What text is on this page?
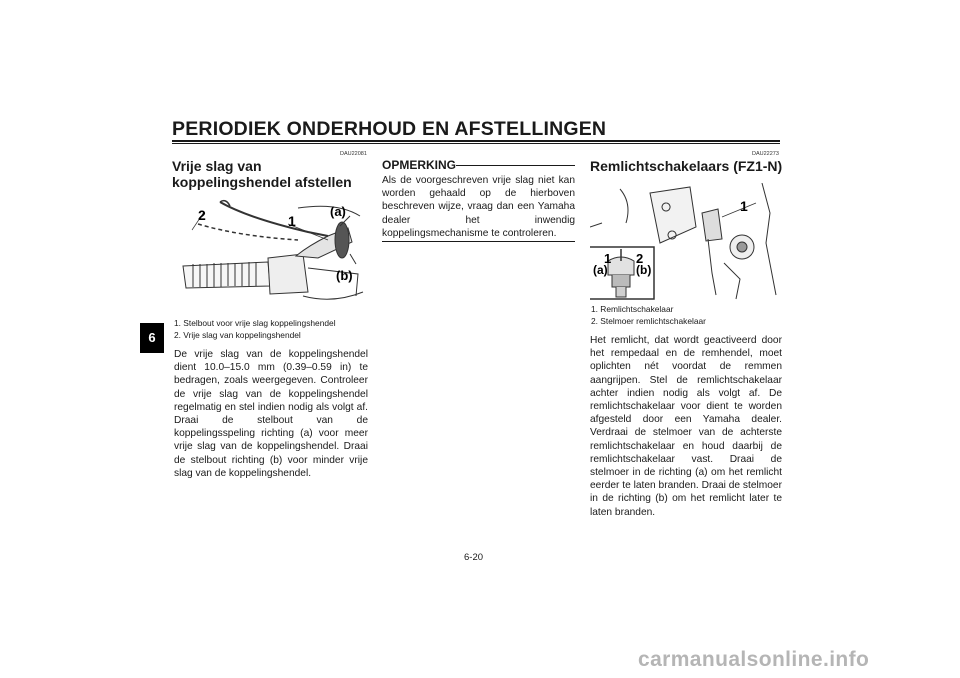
PERIODIEK ONDERHOUD EN AFSTELLINGEN
6
DAU22081
Vrije slag van koppelingshendel afstellen
2	1
(a)
(b)
1. Stelbout voor vrije slag koppelingshendel
2. Vrije slag van koppelingshendel
De vrije slag van de koppelingshendel dient 10.0–15.0 mm (0.39–0.59 in) te bedragen, zoals weergegeven. Controleer de vrije slag van de koppelingshendel regelmatig en stel indien nodig als volgt af. Draai de stelbout van de koppelingsspeling richting (a) voor meer vrije slag van de koppelingshendel. Draai de stelbout richting (b) voor minder vrije slag van de koppelingshendel.
OPMERKING
Als de voorgeschreven vrije slag niet kan worden gehaald op de hierboven beschreven wijze, vraag dan een Yamaha dealer het inwendig koppelingsmechanisme te controleren.
DAU22273
Remlichtschakelaars (FZ1-N)
1
1 2
(a) (b)
1. Remlichtschakelaar
2. Stelmoer remlichtschakelaar
Het remlicht, dat wordt geactiveerd door het rempedaal en de remhendel, moet oplichten nét voordat de remmen aangrijpen. Stel de remlichtschakelaar achter indien nodig als volgt af. De remlichtschakelaar voor dient te worden afgesteld door een Yamaha dealer. Verdraai de stelmoer van de achterste remlichtschakelaar en houd daarbij de remlichtschakelaar vast. Draai de stelmoer in de richting (a) om het remlicht eerder te laten branden. Draai de stelmoer in de richting (b) om het remlicht later te laten branden.
6-20
carmanualsonline.info
